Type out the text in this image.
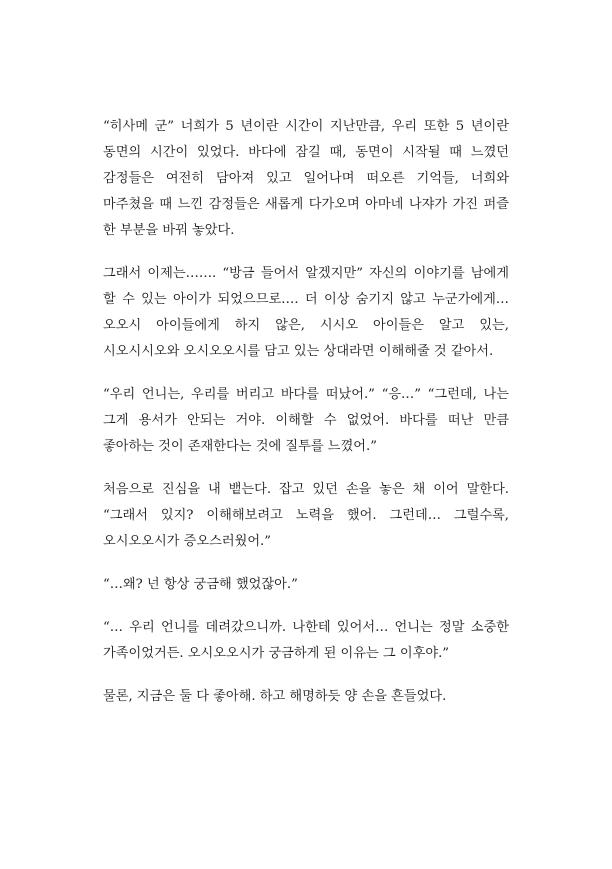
“히사메 군” 너희가 5 년이란 시간이 지난만큼, 우리 또한 5 년이란
동면의 시간이 있었다. 바다에 잠길 때, 동면이 시작될 때 느꼈던
감정들은 여전히 담아져 있고 일어나며 떠오른 기억들, 너희와
마주쳤을 때 느낀 감정들은 새롭게 다가오며 아마네 나쟈가 가진 퍼즐
한 부분을 바꿔 놓았다.
그래서 이제는……. “방금 들어서 알겠지만” 자신의 이야기를 남에게
할 수 있는 아이가 되었으므로…. 더 이상 숨기지 않고 누군가에게…
오오시 아이들에게 하지 않은, 시시오 아이들은 알고 있는,
시오시시오와 오시오오시를 담고 있는 상대라면 이해해줄 것 같아서.
“우리 언니는, 우리를 버리고 바다를 떠났어.” “응…” “그런데, 나는
그게 용서가 안되는 거야. 이해할 수 없었어. 바다를 떠난 만큼
좋아하는 것이 존재한다는 것에 질투를 느꼈어.”
처음으로 진심을 내 뱉는다. 잡고 있던 손을 놓은 채 이어 말한다.
“그래서 있지? 이해해보려고 노력을 했어. 그런데… 그럴수록,
오시오오시가 증오스러웠어.”
“…왜? 넌 항상 궁금해 했었잖아.”
“… 우리 언니를 데려갔으니까. 나한테 있어서… 언니는 정말 소중한
가족이었거든. 오시오오시가 궁금하게 된 이유는 그 이후야.”
물론, 지금은 둘 다 좋아해. 하고 해명하듯 양 손을 흔들었다.
